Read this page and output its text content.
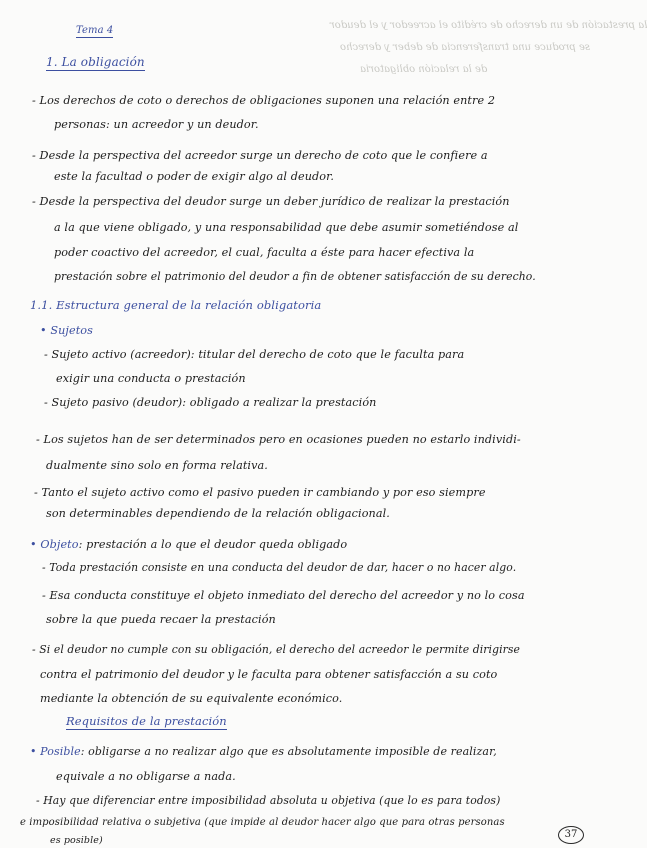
la prestación de un derecho de crédito el acreedor y el deudor
se produce una transferencia de deber y derecho
de la relación obligatoria
Tema 4
1. La obligación
- Los derechos de coto o derechos de obligaciones suponen una relación entre 2
personas: un acreedor y un deudor.
- Desde la perspectiva del acreedor surge un derecho de coto que le confiere a
este la facultad o poder de exigir algo al deudor.
- Desde la perspectiva del deudor surge un deber jurídico de realizar la prestación
a la que viene obligado, y una responsabilidad que debe asumir sometiéndose al
poder coactivo del acreedor, el cual, faculta a éste para hacer efectiva la
prestación sobre el patrimonio del deudor a fin de obtener satisfacción de su derecho.
1.1. Estructura general de la relación obligatoria
• Sujetos
- Sujeto activo (acreedor): titular del derecho de coto que le faculta para
exigir una conducta o prestación
- Sujeto pasivo (deudor): obligado a realizar la prestación
- Los sujetos han de ser determinados pero en ocasiones pueden no estarlo individi-
dualmente sino solo en forma relativa.
- Tanto el sujeto activo como el pasivo pueden ir cambiando y por eso siempre
son determinables dependiendo de la relación obligacional.
• Objeto: prestación a lo que el deudor queda obligado
- Toda prestación consiste en una conducta del deudor de dar, hacer o no hacer algo.
- Esa conducta constituye el objeto inmediato del derecho del acreedor y no lo cosa
sobre la que pueda recaer la prestación
- Si el deudor no cumple con su obligación, el derecho del acreedor le permite dirigirse
contra el patrimonio del deudor y le faculta para obtener satisfacción a su coto
mediante la obtención de su equivalente económico.
Requisitos de la prestación
• Posible: obligarse a no realizar algo que es absolutamente imposible de realizar,
equivale a no obligarse a nada.
- Hay que diferenciar entre imposibilidad absoluta u objetiva (que lo es para todos)
e imposibilidad relativa o subjetiva (que impide al deudor hacer algo que para otras personas
es posible)
37
